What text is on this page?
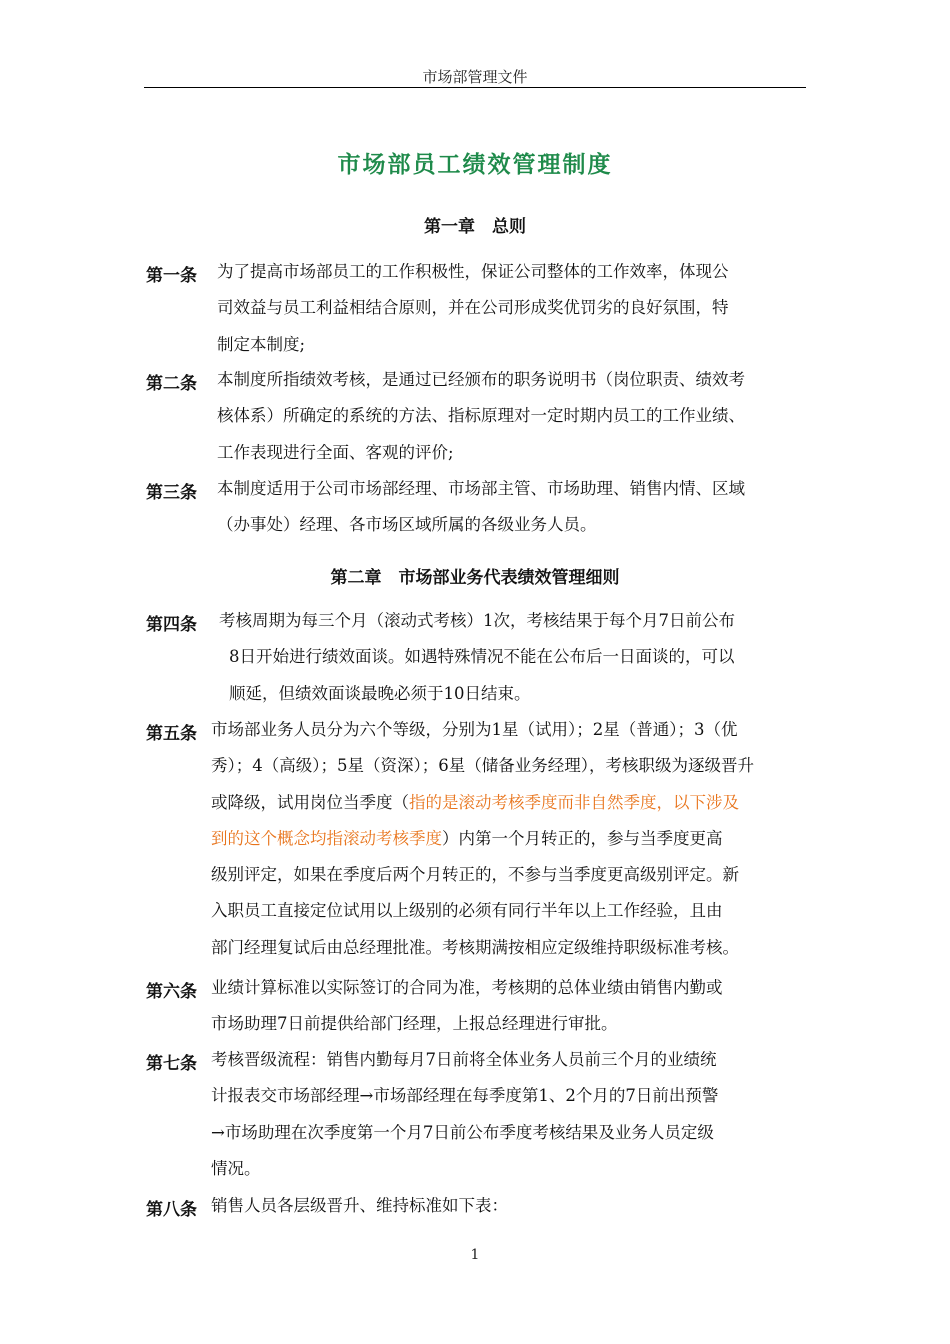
市场部管理文件
市场部员工绩效管理制度
第一章　总则
第一条 为了提高市场部员工的工作积极性，保证公司整体的工作效率，体现公
司效益与员工利益相结合原则，并在公司形成奖优罚劣的良好氛围，特
制定本制度;
第二条 本制度所指绩效考核，是通过已经颁布的职务说明书（岗位职责、绩效考
核体系）所确定的系统的方法、指标原理对一定时期内员工的工作业绩、
工作表现进行全面、客观的评价;
第三条 本制度适用于公司市场部经理、市场部主管、市场助理、销售内情、区域
（办事处）经理、各市场区域所属的各级业务人员。
第二章　市场部业务代表绩效管理细则
第四条 考核周期为每三个月（滚动式考核）1次，考核结果于每个月7日前公布
8日开始进行绩效面谈。如遇特殊情况不能在公布后一日面谈的，可以
顺延，但绩效面谈最晚必须于10日结束。
第五条 市场部业务人员分为六个等级，分别为1星（试用）；2星（普通）；3（优
秀）；4（高级）；5星（资深）；6星（储备业务经理），考核职级为逐级晋升
或降级，试用岗位当季度（指的是滚动考核季度而非自然季度，以下涉及
到的这个概念均指滚动考核季度）内第一个月转正的，参与当季度更高
级别评定，如果在季度后两个月转正的，不参与当季度更高级别评定。新
入职员工直接定位试用以上级别的必须有同行半年以上工作经验，且由
部门经理复试后由总经理批准。考核期满按相应定级维持职级标准考核。
第六条 业绩计算标准以实际签订的合同为准，考核期的总体业绩由销售内勤或
市场助理7日前提供给部门经理，上报总经理进行审批。
第七条 考核晋级流程：销售内勤每月7日前将全体业务人员前三个月的业绩统
计报表交市场部经理→市场部经理在每季度第1、2个月的7日前出预警
→市场助理在次季度第一个月7日前公布季度考核结果及业务人员定级
情况。
第八条 销售人员各层级晋升、维持标准如下表：
1
